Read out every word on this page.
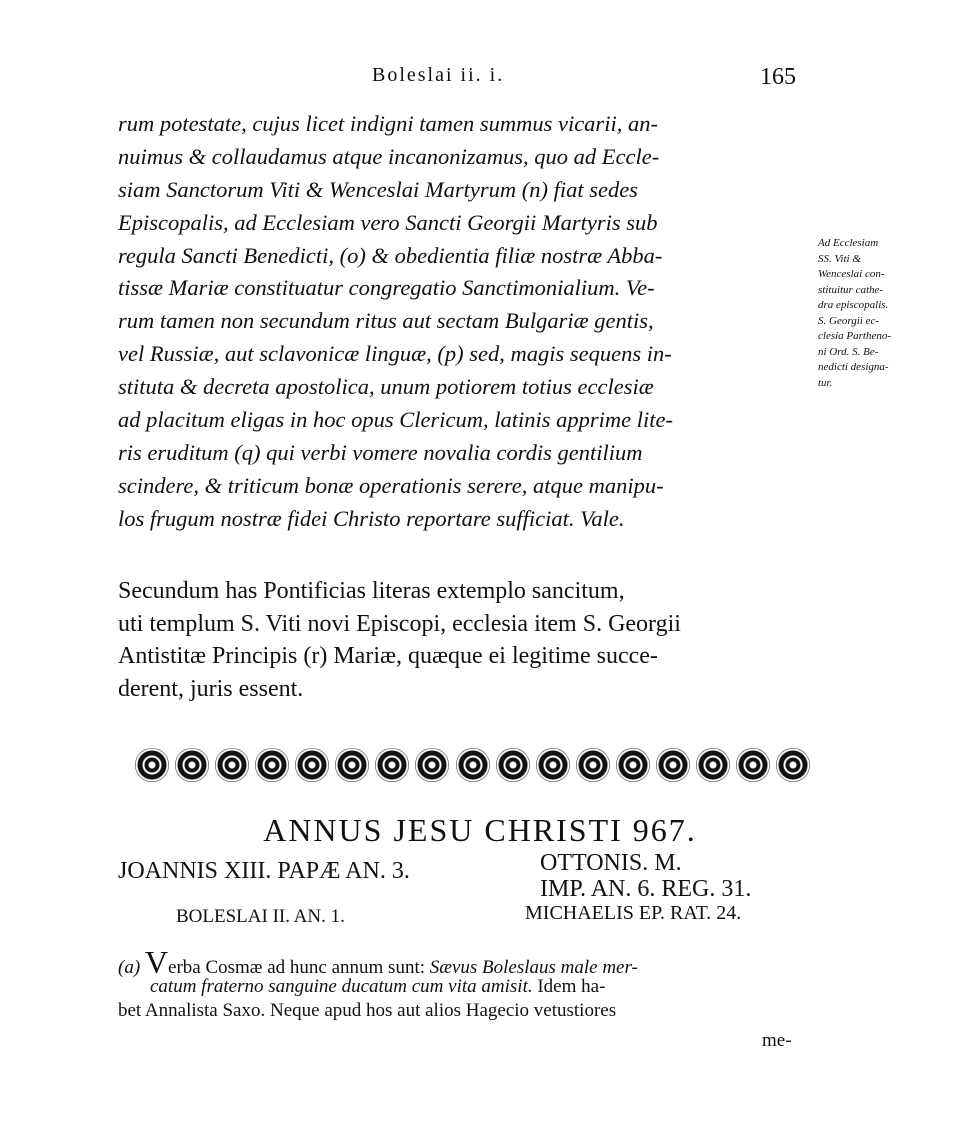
Boleslai ii. i.	165
rum potestate, cujus licet indigni tamen summus vicarii, an-
nuimus & collaudamus atque incanonizamus, quo ad Eccle-
siam Sanctorum Viti & Wenceslai Martyrum (n) fiat sedes
Episcopalis, ad Ecclesiam vero Sancti Georgii Martyris sub
regula Sancti Benedicti, (o) & obedientia filiæ nostræ Abba-
tissæ Mariæ constituatur congregatio Sanctimonialium. Ve-
rum tamen non secundum ritus aut sectam Bulgariæ gentis,
vel Russiæ, aut sclavonicæ linguæ, (p) sed, magis sequens in-
stituta & decreta apostolica, unum potiorem totius ecclesiæ
ad placitum eligas in hoc opus Clericum, latinis apprime lite-
ris eruditum (q) qui verbi vomere novalia cordis gentilium
scindere, & triticum bonæ operationis serere, atque manipu-
los frugum nostræ fidei Christo reportare sufficiat. Vale.
Ad Ecclesiam
SS. Viti &
Wenceslai con-
stituitur cathe-
dra episcopalis.
S. Georgii ec-
clesia Partheno-
ni Ord. S. Be-
nedicti designa-
tur.
Secundum has Pontificias literas extemplo sancitum,
uti templum S. Viti novi Episcopi, ecclesia item S. Georgii
Antistitæ Principis (r) Mariæ, quæque ei legitime succe-
derent, juris essent.
ANNUS JESU CHRISTI 967.
JOANNIS XIII. PAPÆ AN. 3.	OTTONIS. M.
IMP. AN. 6. REG. 31.
BOLESLAI II. AN. 1.	MICHAELIS EP. RAT. 24.
(a) Verba Cosmæ ad hunc annum sunt: Sævus Boleslaus male mer-
catum fraterno sanguine ducatum cum vita amisit. Idem ha-
bet Annalista Saxo. Neque apud hos aut alios Hagecio vetustiores
me-
